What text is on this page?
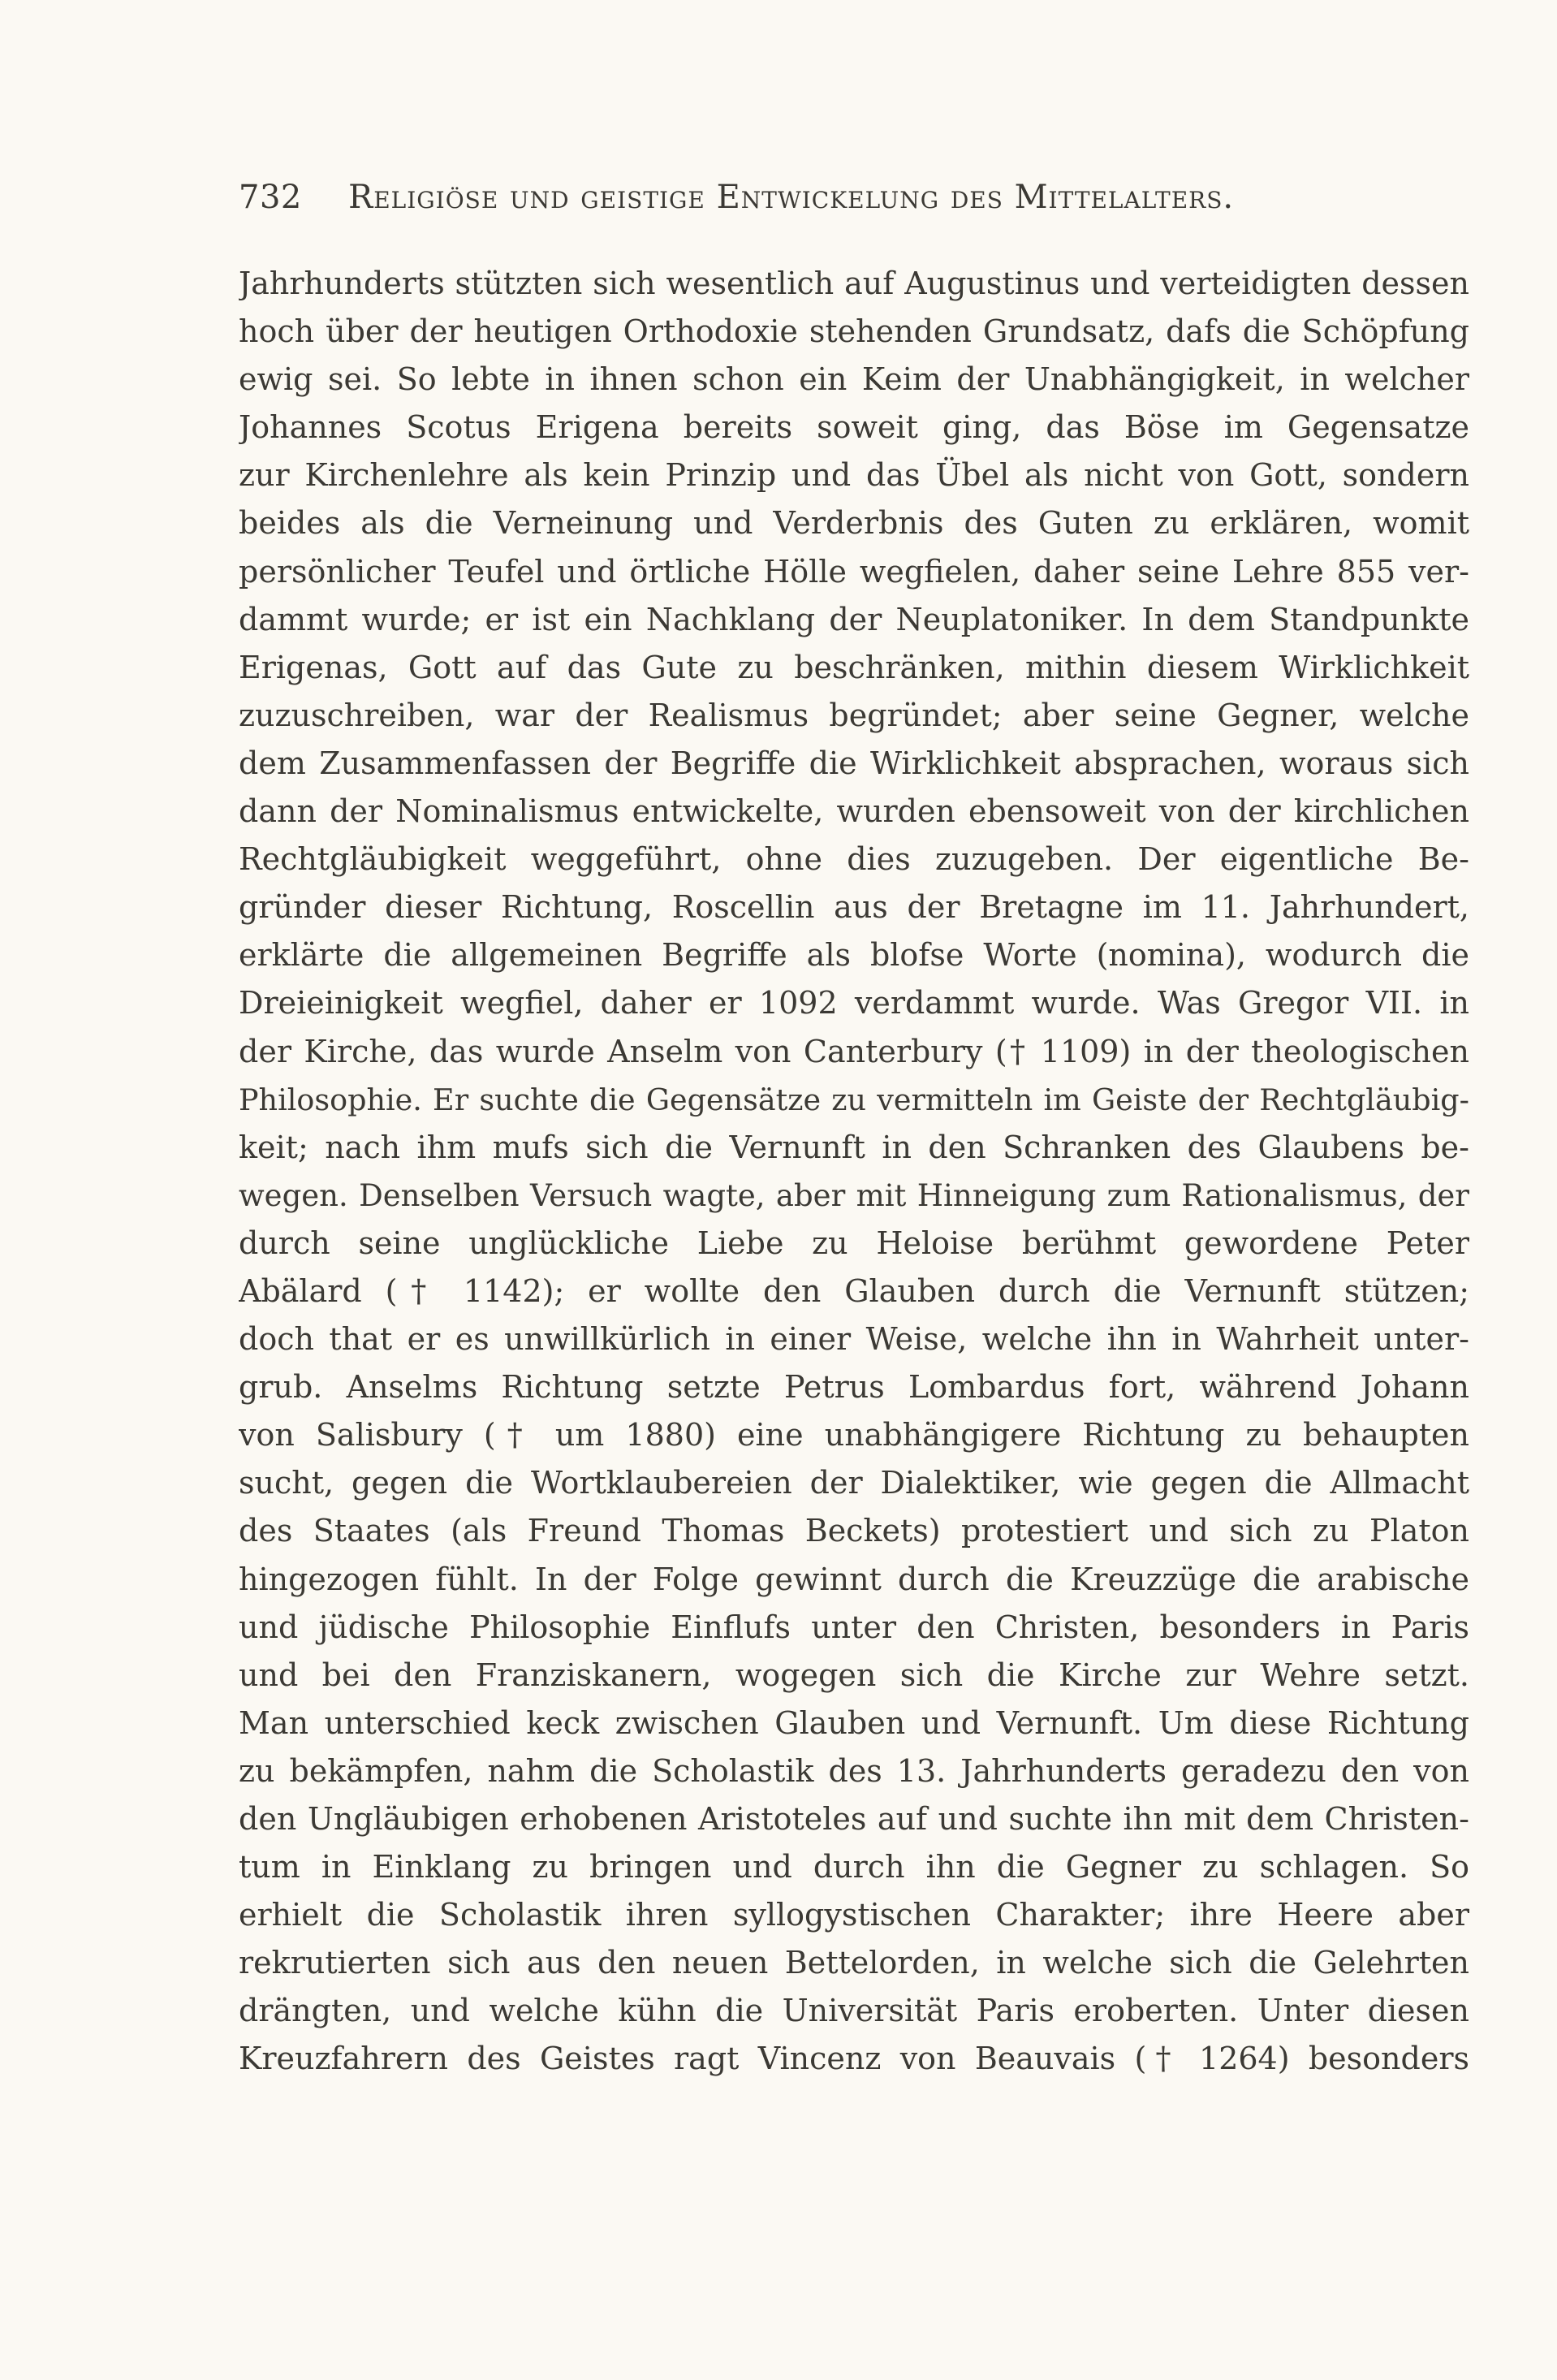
732 Religiöse und geistige Entwickelung des Mittelalters.
Jahrhunderts stützten sich wesentlich auf Augustinus und verteidigten dessen
hoch über der heutigen Orthodoxie stehenden Grundsatz, dafs die Schöpfung
ewig sei. So lebte in ihnen schon ein Keim der Unabhängigkeit, in welcher
Johannes Scotus Erigena bereits soweit ging, das Böse im Gegensatze
zur Kirchenlehre als kein Prinzip und das Übel als nicht von Gott, sondern
beides als die Verneinung und Verderbnis des Guten zu erklären, womit
persönlicher Teufel und örtliche Hölle wegfielen, daher seine Lehre 855 ver-
dammt wurde; er ist ein Nachklang der Neuplatoniker. In dem Standpunkte
Erigenas, Gott auf das Gute zu beschränken, mithin diesem Wirklichkeit
zuzuschreiben, war der Realismus begründet; aber seine Gegner, welche
dem Zusammenfassen der Begriffe die Wirklichkeit absprachen, woraus sich
dann der Nominalismus entwickelte, wurden ebensoweit von der kirchlichen
Rechtgläubigkeit weggeführt, ohne dies zuzugeben. Der eigentliche Be-
gründer dieser Richtung, Roscellin aus der Bretagne im 11. Jahrhundert,
erklärte die allgemeinen Begriffe als blofse Worte (nomina), wodurch die
Dreieinigkeit wegfiel, daher er 1092 verdammt wurde. Was Gregor VII. in
der Kirche, das wurde Anselm von Canterbury († 1109) in der theologischen
Philosophie. Er suchte die Gegensätze zu vermitteln im Geiste der Rechtgläubig-
keit; nach ihm mufs sich die Vernunft in den Schranken des Glaubens be-
wegen. Denselben Versuch wagte, aber mit Hinneigung zum Rationalismus, der
durch seine unglückliche Liebe zu Heloise berühmt gewordene Peter
Abälard († 1142); er wollte den Glauben durch die Vernunft stützen;
doch that er es unwillkürlich in einer Weise, welche ihn in Wahrheit unter-
grub. Anselms Richtung setzte Petrus Lombardus fort, während Johann
von Salisbury († um 1880) eine unabhängigere Richtung zu behaupten
sucht, gegen die Wortklaubereien der Dialektiker, wie gegen die Allmacht
des Staates (als Freund Thomas Beckets) protestiert und sich zu Platon
hingezogen fühlt. In der Folge gewinnt durch die Kreuzzüge die arabische
und jüdische Philosophie Einflufs unter den Christen, besonders in Paris
und bei den Franziskanern, wogegen sich die Kirche zur Wehre setzt.
Man unterschied keck zwischen Glauben und Vernunft. Um diese Richtung
zu bekämpfen, nahm die Scholastik des 13. Jahrhunderts geradezu den von
den Ungläubigen erhobenen Aristoteles auf und suchte ihn mit dem Christen-
tum in Einklang zu bringen und durch ihn die Gegner zu schlagen. So
erhielt die Scholastik ihren syllogystischen Charakter; ihre Heere aber
rekrutierten sich aus den neuen Bettelorden, in welche sich die Gelehrten
drängten, und welche kühn die Universität Paris eroberten. Unter diesen
Kreuzfahrern des Geistes ragt Vincenz von Beauvais († 1264) besonders
